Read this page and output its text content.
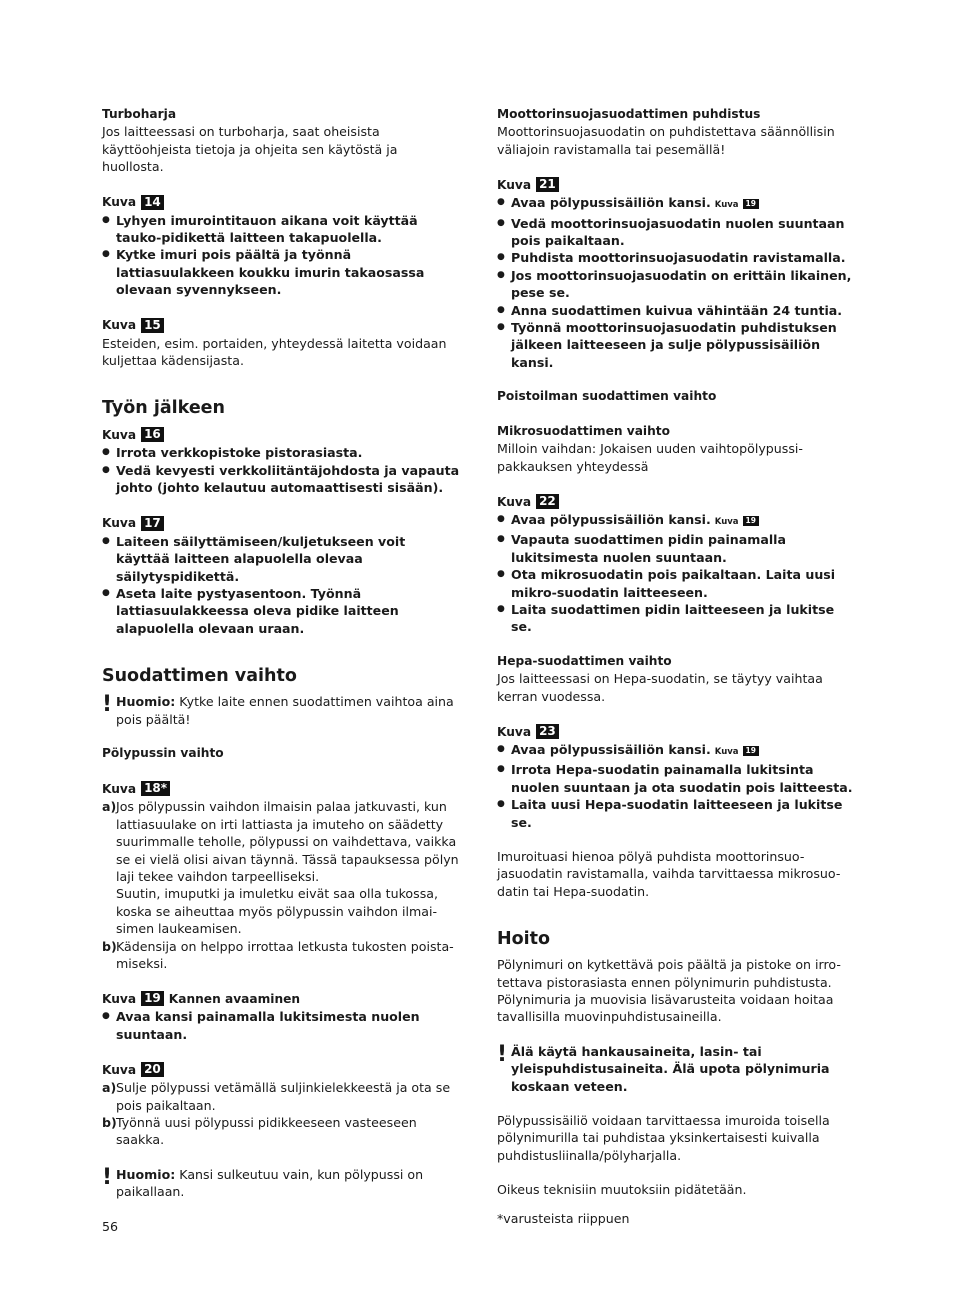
Turboharja

Jos laitteessasi on turboharja, saat oheisista käyttöohjeista tietoja ja ohjeita sen käytöstä ja huollosta.

Kuva 14
● Lyhyen imurointitauon aikana voit käyttää tauko-pidikettä laitteen takapuolella.
● Kytke imuri pois päältä ja työnnä lattiasuulakkeen koukku imurin takaosassa olevaan syvennykseen.
Kuva 15

Esteiden, esim. portaiden, yhteydessä laitetta voidaan kuljettaa kädensijasta.

Työn jälkeen
Kuva 16
● Irrota verkkopistoke pistorasiasta.
● Vedä kevyesti verkkoliitäntäjohdosta ja vapauta johto (johto kelautuu automaattisesti sisään).
Kuva 17
● Laiteen säilyttämiseen/kuljetukseen voit käyttää laitteen alapuolella olevaa säilytyspidikettä.
● Aseta laite pystyasentoon. Työnnä lattiasuulakkeessa oleva pidike laitteen alapuolella olevaan uraan.
Suodattimen vaihto
! Huomio: Kytke laite ennen suodattimen vaihtoa aina pois päältä!

Pölypussin vaihto

Kuva 18*
a) Jos pölypussin vaihdon ilmaisin palaa jatkuvasti, kun lattiasuulake on irti lattiasta ja imuteho on säädetty suurimmalle teholle, pölypussi on vaihdettava, vaikka se ei vielä olisi aivan täynnä. Tässä tapauksessa pölyn laji tekee vaihdon tarpeelliseksi.

Suutin, imuputki ja imuletku eivät saa olla tukossa, koska se aiheuttaa myös pölypussin vaihdon ilmai-simen laukeamisen.

b) Kädensija on helppo irrottaa letkusta tukosten poista-miseksi.

Kuva 19 Kannen avaaminen
● Avaa kansi painamalla lukitsimesta nuolen suuntaan.
Kuva 20
a) Sulje pölypussi vetämällä suljinkielekkeestä ja ota se pois paikaltaan.

b) Työnnä uusi pölypussi pidikkeeseen vasteeseen saakka.

! Huomio: Kansi sulkeutuu vain, kun pölypussi on paikallaan.

Moottorinsuojasuodattimen puhdistus

Moottorinsuojasuodatin on puhdistettava säännöllisin väliajoin ravistamalla tai pesemällä!

Kuva 21
● Avaa pölypussisäiliön kansi. Kuva 19
● Vedä moottorinsuojasuodatin nuolen suuntaan pois paikaltaan.
● Puhdista moottorinsuojasuodatin ravistamalla.
● Jos moottorinsuojasuodatin on erittäin likainen, pese se.
● Anna suodattimen kuivua vähintään 24 tuntia.
● Työnnä moottorinsuojasuodatin puhdistuksen jälkeen laitteeseen ja sulje pölypussisäiliön kansi.

Poistoilman suodattimen vaihto

Mikrosuodattimen vaihto

Milloin vaihdan: Jokaisen uuden vaihtopölypussi-pakkauksen yhteydessä

Kuva 22
● Avaa pölypussisäiliön kansi. Kuva 19
● Vapauta suodattimen pidin painamalla lukitsimesta nuolen suuntaan.
● Ota mikrosuodatin pois paikaltaan. Laita uusi mikro-suodatin laitteeseen.
● Laita suodattimen pidin laitteeseen ja lukitse se.

Hepa-suodattimen vaihto

Jos laitteessasi on Hepa-suodatin, se täytyy vaihtaa kerran vuodessa.

Kuva 23
● Avaa pölypussisäiliön kansi. Kuva 19
● Irrota Hepa-suodatin painamalla lukitsinta nuolen suuntaan ja ota suodatin pois laitteesta.
● Laita uusi Hepa-suodatin laitteeseen ja lukitse se.

Imuroituasi hienoa pölyä puhdista moottorinsuo-jasuodatin ravistamalla, vaihda tarvittaessa mikrosuo-datin tai Hepa-suodatin.

Hoito

Pölynimuri on kytkettävä pois päältä ja pistoke on irro-tettava pistorasiasta ennen pölynimurin puhdistusta. Pölynimuria ja muovisia lisävarusteita voidaan hoitaa tavallisilla muovinpuhdistusaineilla.

! Älä käytä hankausaineita, lasin- tai yleispuhdistusaineita. Älä upota pölynimuria koskaan veteen.

Pölypussisäiliö voidaan tarvittaessa imuroida toisella pölynimurilla tai puhdistaa yksinkertaisesti kuivalla puhdistusliinalla/pölyharjalla.

Oikeus teknisiin muutoksiin pidätetään.

56
*varusteista riippuen
